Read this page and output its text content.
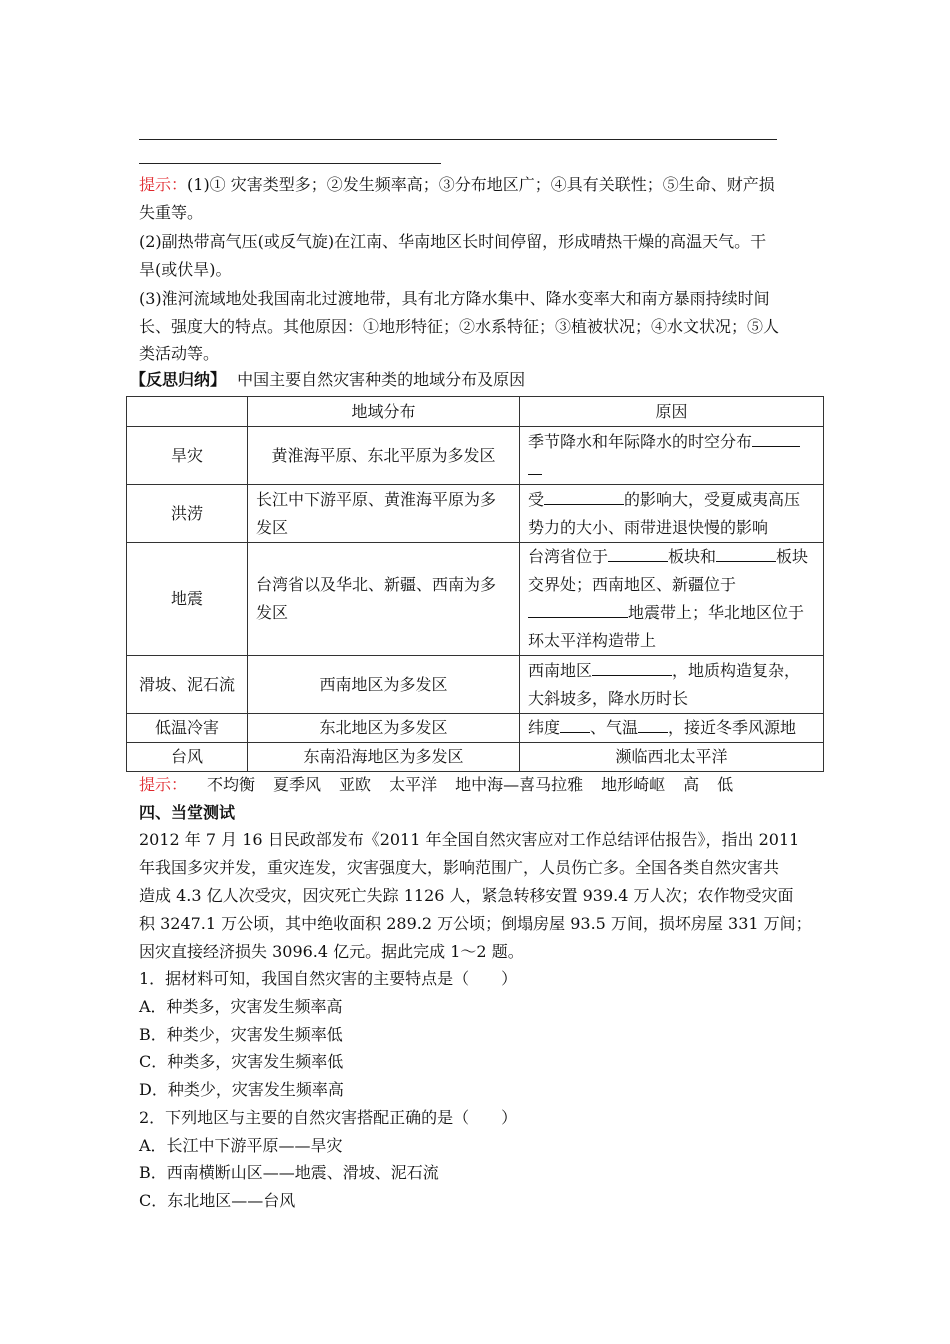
提示：(1)① 灾害类型多；②发生频率高；③分布地区广；④具有关联性；⑤生命、财产损
失重等。
(2)副热带高气压(或反气旋)在江南、华南地区长时间停留，形成晴热干燥的高温天气。干
旱(或伏旱)。
(3)淮河流域地处我国南北过渡地带，具有北方降水集中、降水变率大和南方暴雨持续时间
长、强度大的特点。其他原因：①地形特征；②水系特征；③植被状况；④水文状况；⑤人
类活动等。
【反思归纳】 中国主要自然灾害种类的地域分布及原因
	地域分布	原因
旱灾	黄淮海平原、东北平原为多发区	季节降水和年际降水的时空分布

洪涝	长江中下游平原、黄淮海平原为多发区	受 的影响大，受夏威夷高压势力的大小、雨带进退快慢的影响
地震	台湾省以及华北、新疆、西南为多发区	台湾省位于 板块和 板块交界处；西南地区、新疆位于地震带上；华北地区位于环太平洋构造带上
滑坡、泥石流	西南地区为多发区	西南地区 ，地质构造复杂，大斜坡多，降水历时长
低温冷害	东北地区为多发区	纬度 、气温 ，接近冬季风源地
台风	东南沿海地区为多发区	濒临西北太平洋
提示： 不均衡 夏季风 亚欧 太平洋 地中海—喜马拉雅 地形崎岖 高 低
四、当堂测试
2012 年 7 月 16 日民政部发布《2011 年全国自然灾害应对工作总结评估报告》，指出 2011
年我国多灾并发，重灾连发，灾害强度大，影响范围广，人员伤亡多。全国各类自然灾害共
造成 4.3 亿人次受灾，因灾死亡失踪 1126 人，紧急转移安置 939.4 万人次；农作物受灾面
积 3247.1 万公顷，其中绝收面积 289.2 万公顷；倒塌房屋 93.5 万间，损坏房屋 331 万间；
因灾直接经济损失 3096.4 亿元。据此完成 1～2 题。
1．据材料可知，我国自然灾害的主要特点是（　　）
A．种类多，灾害发生频率高
B．种类少，灾害发生频率低
C．种类多，灾害发生频率低
D．种类少，灾害发生频率高
2．下列地区与主要的自然灾害搭配正确的是（　　）
A．长江中下游平原——旱灾
B．西南横断山区——地震、滑坡、泥石流
C．东北地区——台风
